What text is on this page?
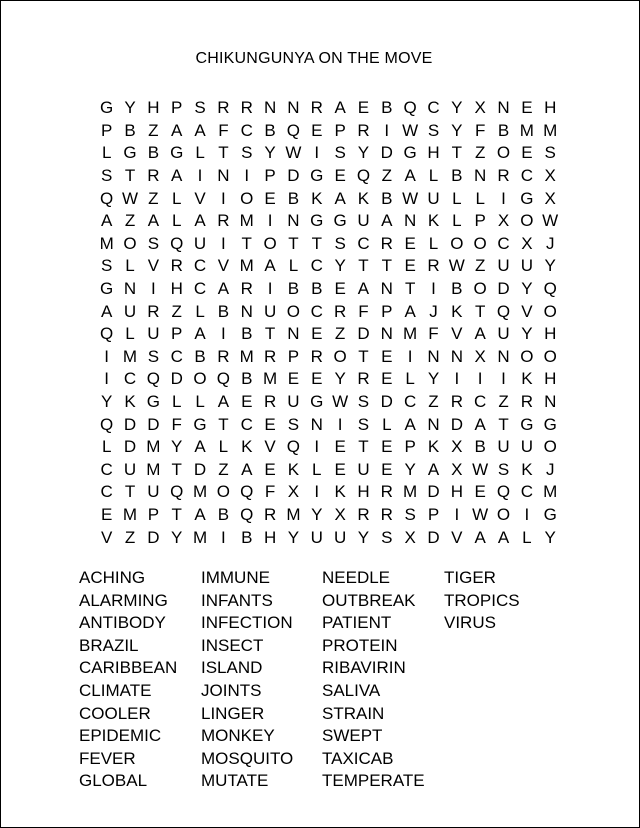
CHIKUNGUNYA ON THE MOVE
G Y H P S R R N N R A E B Q C Y X N E H
P B Z A A F C B Q E P R I W S Y F B M M
L G B G L T S Y W I S Y D G H T Z O E S
S T R A I N I P D G E Q Z A L B N R C X
Q W Z L V I O E B K A K B W U L L I G X
A Z A L A R M I N G G U A N K L P X O W
M O S Q U I T O T T S C R E L O O C X J
S L V R C V M A L C Y T T E R W Z U U Y
G N I H C A R I B B E A N T I B O D Y Q
A U R Z L B N U O C R F P A J K T Q V O
Q L U P A I B T N E Z D N M F V A U Y H
I M S C B R M R P R O T E I N N X N O O
I C Q D O Q B M E E Y R E L Y I	I	I K H
Y K G L L A E R U G W S D C Z R C Z R N
Q D D F G T C E S N I S L A N D A T G G
L D M Y A L K V Q I E T E P K X B U U O
C U M T D Z A E K L E U E Y A X W S K J
C T U Q M O Q F X I K H R M D H E Q C M
E M P T A B Q R M Y X R R S P I W O I G
V Z D Y M I B H Y U U Y S X D V A A L Y
ACHING
ALARMING
ANTIBODY
BRAZIL
CARIBBEAN
CLIMATE
COOLER
EPIDEMIC
FEVER
GLOBAL
IMMUNE
INFANTS
INFECTION
INSECT
ISLAND
JOINTS
LINGER
MONKEY
MOSQUITO
MUTATE
NEEDLE
OUTBREAK
PATIENT
PROTEIN
RIBAVIRIN
SALIVA
STRAIN
SWEPT
TAXICAB
TEMPERATE
TIGER
TROPICS
VIRUS
